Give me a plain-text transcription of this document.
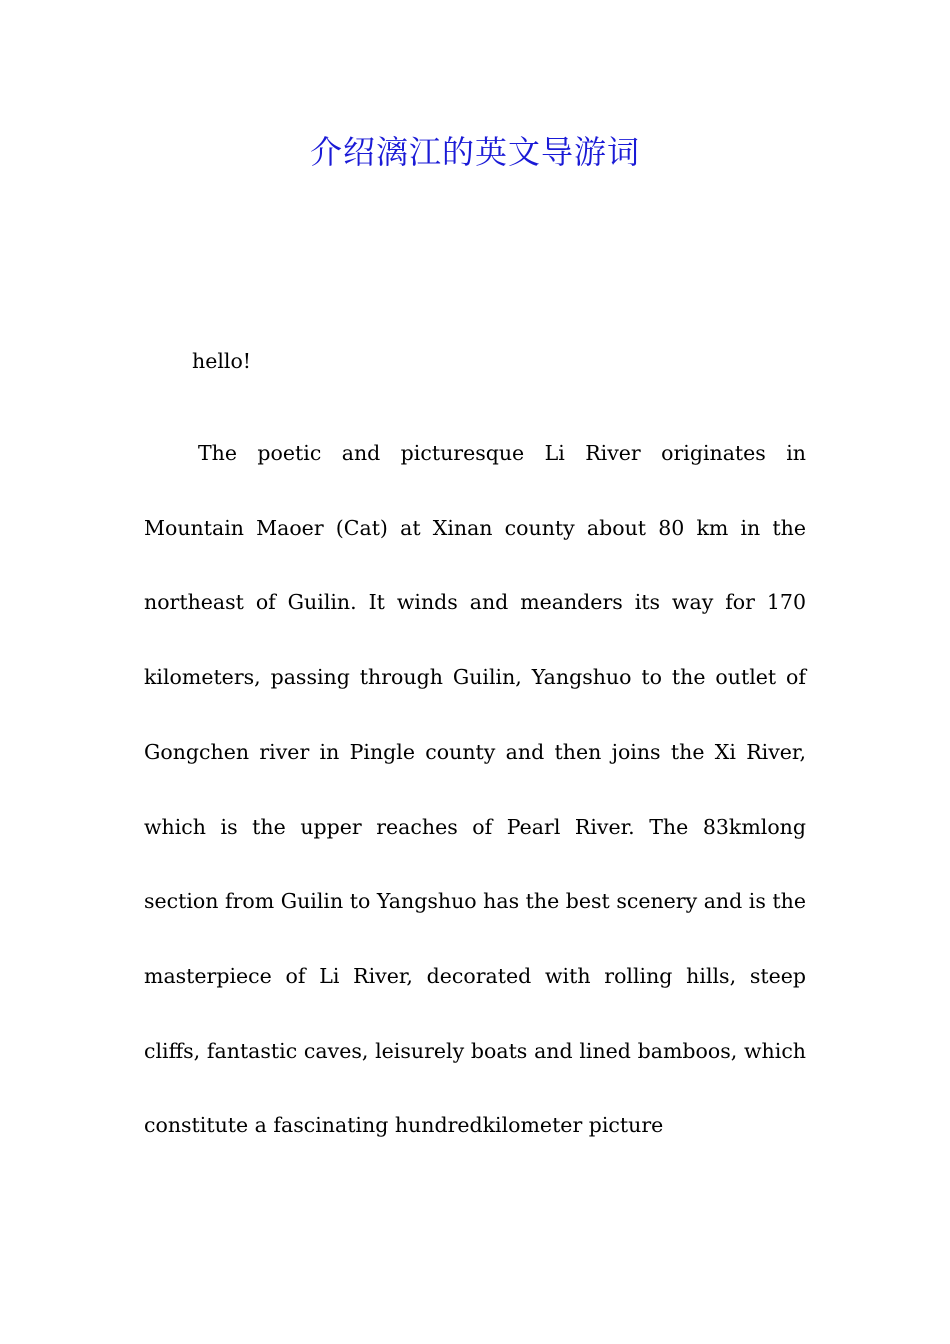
介绍漓江的英文导游词
hello!
The poetic and picturesque Li River originates in Mountain Maoer (Cat) at Xinan county about 80 km in the northeast of Guilin. It winds and meanders its way for 170 kilometers, passing through Guilin, Yangshuo to the outlet of Gongchen river in Pingle county and then joins the Xi River, which is the upper reaches of Pearl River. The 83kmlong section from Guilin to Yangshuo has the best scenery and is the masterpiece of Li River, decorated with rolling hills, steep cliffs, fantastic caves, leisurely boats and lined bamboos, which constitute a fascinating hundredkilometer picture
